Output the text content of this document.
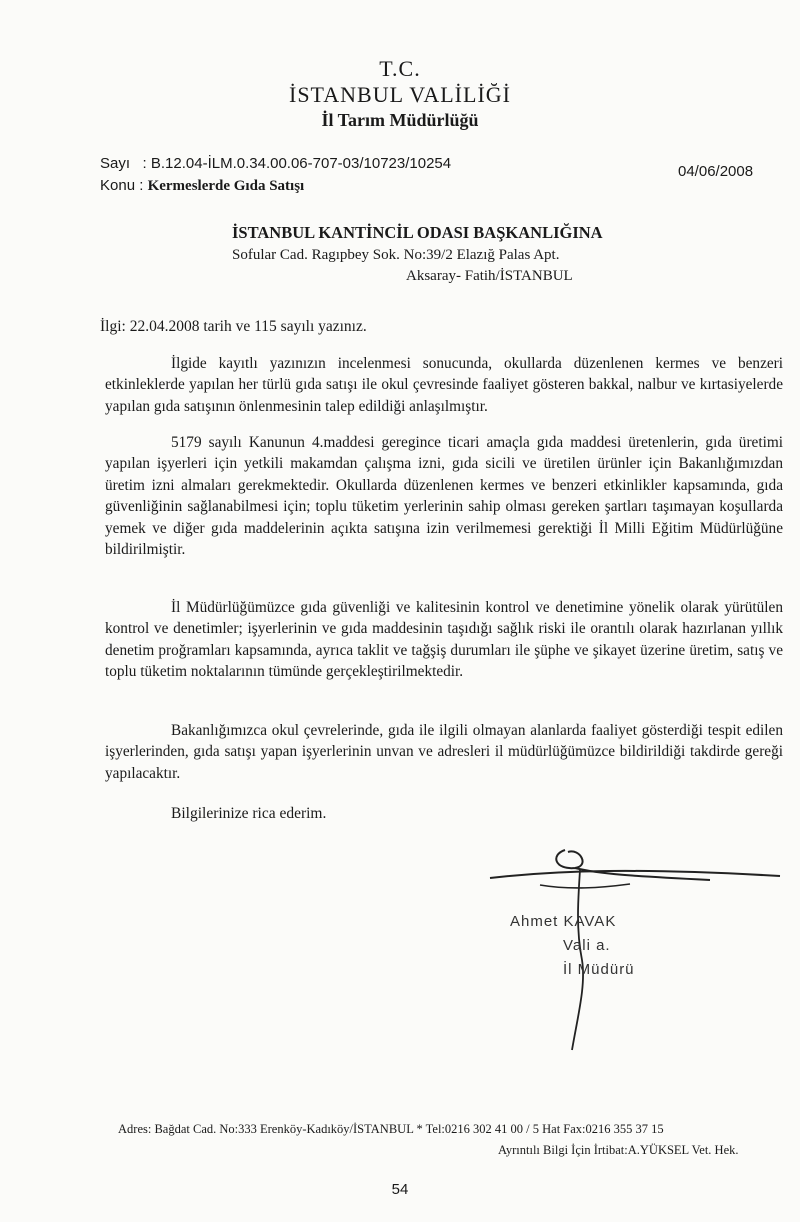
T.C.
İSTANBUL VALİLİĞİ
İl Tarım Müdürlüğü
Sayı : B.12.04-İLM.0.34.00.06-707-03/10723/10254
Konu : Kermeslerde Gıda Satışı
04/06/2008
İSTANBUL KANTİNCİL ODASI BAŞKANLIĞINA
Sofular Cad. Ragıpbey Sok. No:39/2 Elazığ Palas Apt.
Aksaray- Fatih/İSTANBUL
İlgi: 22.04.2008 tarih ve 115 sayılı yazınız.
İlgide kayıtlı yazınızın incelenmesi sonucunda, okullarda düzenlenen kermes ve benzeri etkinleklerde yapılan her türlü gıda satışı ile okul çevresinde faaliyet gösteren bakkal, nalbur ve kırtasiyelerde yapılan gıda satışının önlenmesinin talep edildiği anlaşılmıştır.
5179 sayılı Kanunun 4.maddesi geregince ticari amaçla gıda maddesi üretenlerin, gıda üretimi yapılan işyerleri için yetkili makamdan çalışma izni, gıda sicili ve üretilen ürünler için Bakanlığımızdan üretim izni almaları gerekmektedir. Okullarda düzenlenen kermes ve benzeri etkinlikler kapsamında, gıda güvenliğinin sağlanabilmesi için; toplu tüketim yerlerinin sahip olması gereken şartları taşımayan koşullarda yemek ve diğer gıda maddelerinin açıkta satışına izin verilmemesi gerektiği İl Milli Eğitim Müdürlüğüne bildirilmiştir.
İl Müdürlüğümüzce gıda güvenliği ve kalitesinin kontrol ve denetimine yönelik olarak yürütülen kontrol ve denetimler; işyerlerinin ve gıda maddesinin taşıdığı sağlık riski ile orantılı olarak hazırlanan yıllık denetim proğramları kapsamında, ayrıca taklit ve tağşiş durumları ile şüphe ve şikayet üzerine üretim, satış ve toplu tüketim noktalarının tümünde gerçekleştirilmektedir.
Bakanlığımızca okul çevrelerinde, gıda ile ilgili olmayan alanlarda faaliyet gösterdiği tespit edilen işyerlerinden, gıda satışı yapan işyerlerinin unvan ve adresleri il müdürlüğümüzce bildirildiği takdirde gereği yapılacaktır.
Bilgilerinize rica ederim.
Ahmet KAVAK
Vali a.
İl Müdürü
Adres: Bağdat Cad. No:333 Erenköy-Kadıköy/İSTANBUL * Tel:0216 302 41 00 / 5 Hat Fax:0216 355 37 15
Ayrıntılı Bilgi İçin İrtibat:A.YÜKSEL Vet. Hek.
54
